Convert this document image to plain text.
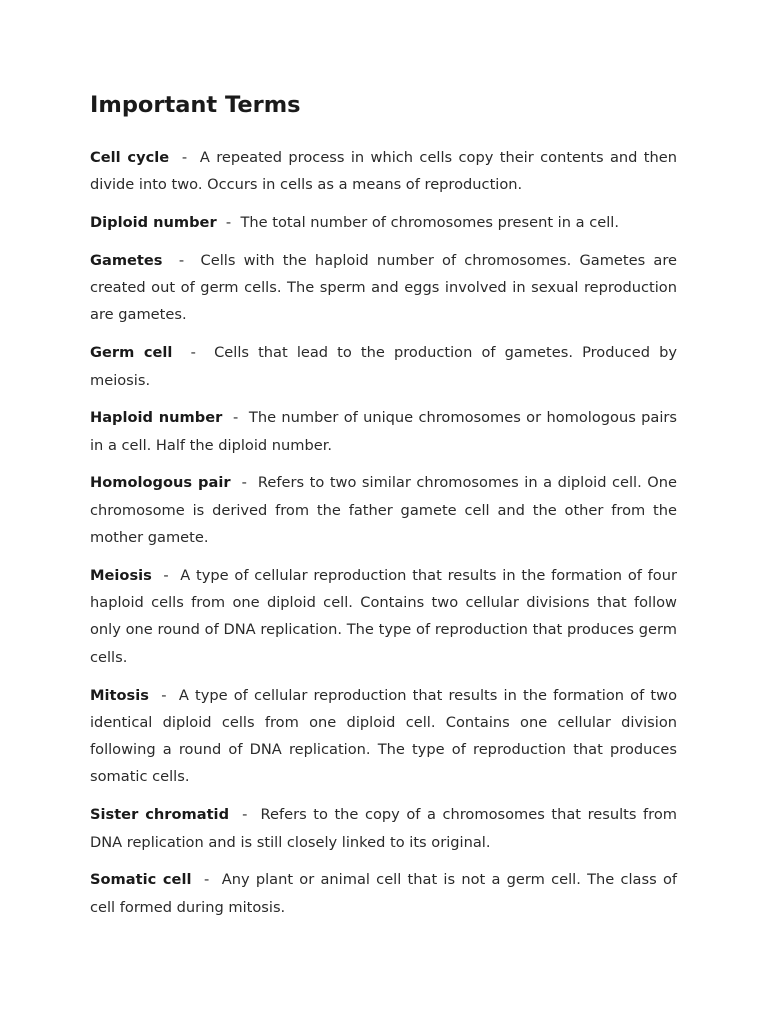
Important Terms

Cell cycle  -  A repeated process in which cells copy their contents and then divide into two. Occurs in cells as a means of reproduction.

Diploid number  -  The total number of chromosomes present in a cell.

Gametes  -  Cells with the haploid number of chromosomes. Gametes are created out of germ cells. The sperm and eggs involved in sexual reproduction are gametes.

Germ cell  -  Cells that lead to the production of gametes. Produced by meiosis.

Haploid number  -  The number of unique chromosomes or homologous pairs in a cell. Half the diploid number.

Homologous pair  -  Refers to two similar chromosomes in a diploid cell. One chromosome is derived from the father gamete cell and the other from the mother gamete.

Meiosis  -  A type of cellular reproduction that results in the formation of four haploid cells from one diploid cell. Contains two cellular divisions that follow only one round of DNA replication. The type of reproduction that produces germ cells.

Mitosis  -  A type of cellular reproduction that results in the formation of two identical diploid cells from one diploid cell. Contains one cellular division following a round of DNA replication. The type of reproduction that produces somatic cells.

Sister chromatid  -  Refers to the copy of a chromosomes that results from DNA replication and is still closely linked to its original.

Somatic cell  -  Any plant or animal cell that is not a germ cell. The class of cell formed during mitosis.
